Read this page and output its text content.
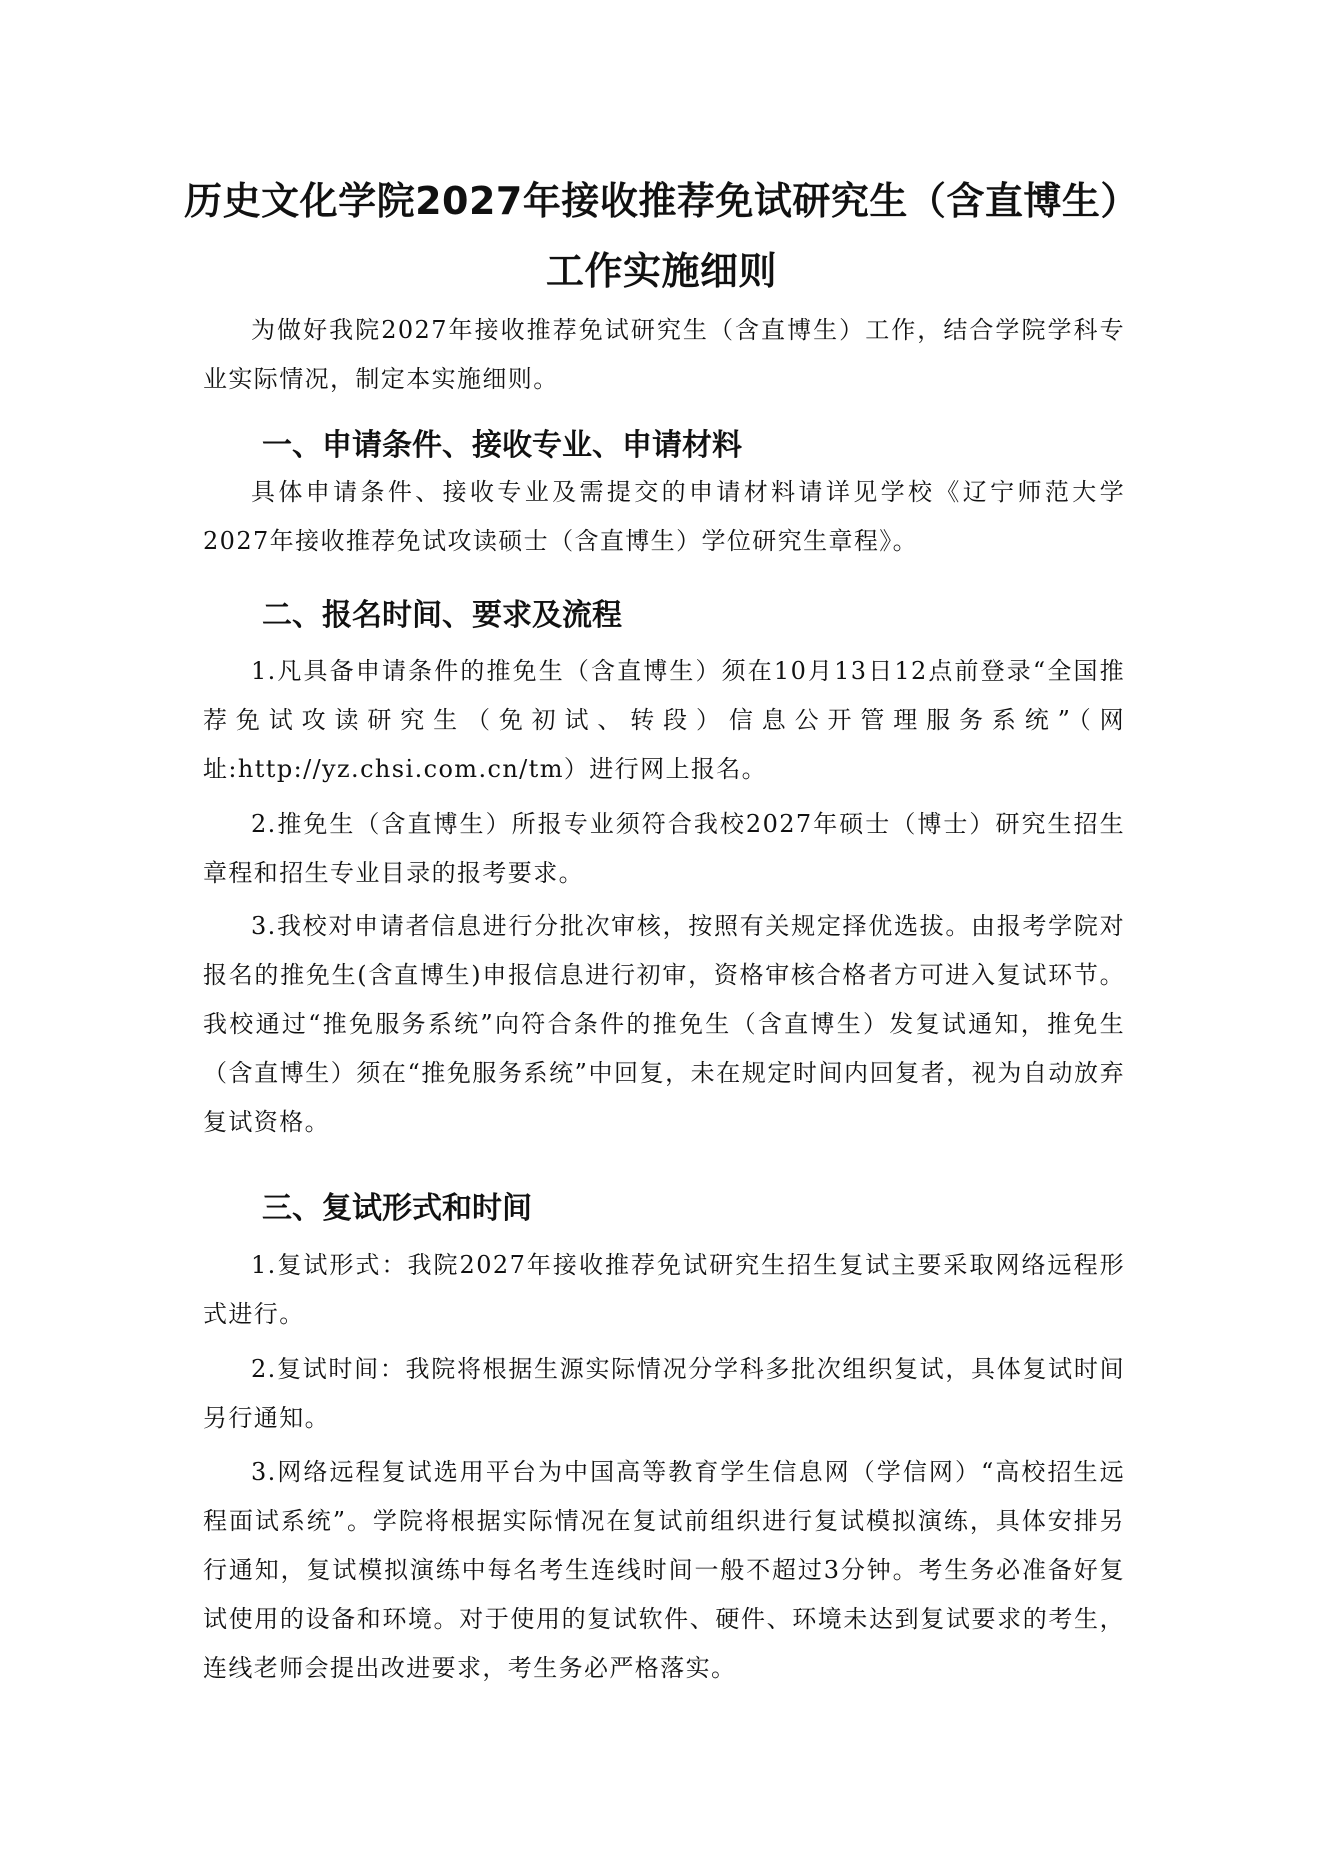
历史文化学院2027年接收推荐免试研究生（含直博生）
工作实施细则

为做好我院2027年接收推荐免试研究生（含直博生）工作，结合学院学科专业实际情况，制定本实施细则。

一、申请条件、接收专业、申请材料

具体申请条件、接收专业及需提交的申请材料请详见学校《辽宁师范大学2027年接收推荐免试攻读硕士（含直博生）学位研究生章程》。

二、报名时间、要求及流程

1.凡具备申请条件的推免生（含直博生）须在10月13日12点前登录“全国推荐免试攻读研究生（免初试、转段）信息公开管理服务系统”（网址:http://yz.chsi.com.cn/tm）进行网上报名。

2.推免生（含直博生）所报专业须符合我校2027年硕士（博士）研究生招生章程和招生专业目录的报考要求。

3.我校对申请者信息进行分批次审核，按照有关规定择优选拔。由报考学院对报名的推免生(含直博生)申报信息进行初审，资格审核合格者方可进入复试环节。我校通过“推免服务系统”向符合条件的推免生（含直博生）发复试通知，推免生（含直博生）须在“推免服务系统”中回复，未在规定时间内回复者，视为自动放弃复试资格。

三、复试形式和时间

1.复试形式：我院2027年接收推荐免试研究生招生复试主要采取网络远程形式进行。

2.复试时间：我院将根据生源实际情况分学科多批次组织复试，具体复试时间另行通知。

3.网络远程复试选用平台为中国高等教育学生信息网（学信网）“高校招生远程面试系统”。学院将根据实际情况在复试前组织进行复试模拟演练，具体安排另行通知，复试模拟演练中每名考生连线时间一般不超过3分钟。考生务必准备好复试使用的设备和环境。对于使用的复试软件、硬件、环境未达到复试要求的考生，连线老师会提出改进要求，考生务必严格落实。
